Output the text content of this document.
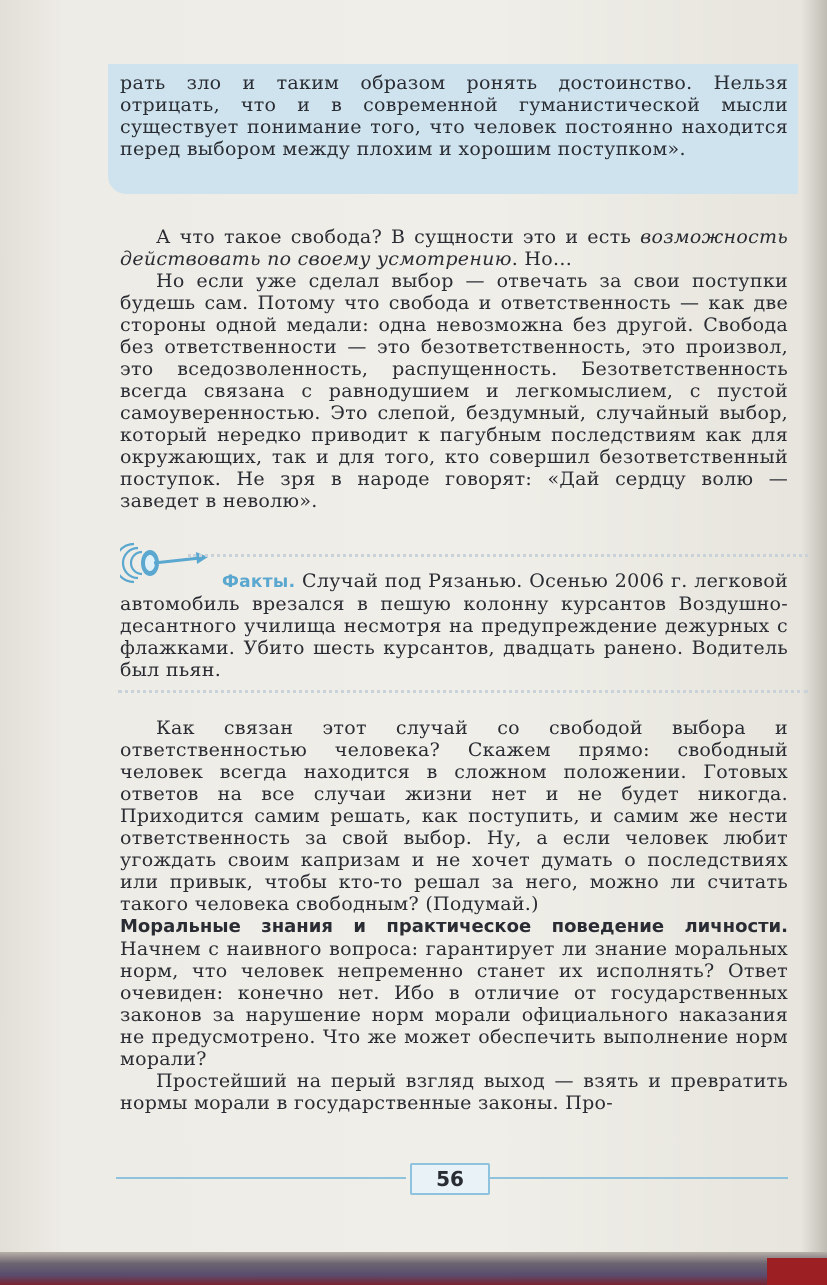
рать зло и таким образом ронять достоинство. Нельзя отрицать, что и в современной гуманистической мысли существует понимание того, что человек постоянно находится перед выбором между плохим и хорошим поступком».

А что такое свобода? В сущности это и есть возможность действовать по своему усмотрению. Но...

Но если уже сделал выбор — отвечать за свои поступки будешь сам. Потому что свобода и ответственность — как две стороны одной медали: одна невозможна без другой. Свобода без ответственности — это безответственность, это произвол, это вседозволенность, распущенность. Безответственность всегда связана с равнодушием и легкомыслием, с пустой самоуверенностью. Это слепой, бездумный, случайный выбор, который нередко приводит к пагубным последствиям как для окружающих, так и для того, кто совершил безответственный поступок. Не зря в народе говорят: «Дай сердцу волю — заведет в неволю».

Факты. Случай под Рязанью. Осенью 2006 г. легковой автомобиль врезался в пешую колонну курсантов Воздушно-десантного училища несмотря на предупреждение дежурных с флажками. Убито шесть курсантов, двадцать ранено. Водитель был пьян.

Как связан этот случай со свободой выбора и ответственностью человека? Скажем прямо: свободный человек всегда находится в сложном положении. Готовых ответов на все случаи жизни нет и не будет никогда. Приходится самим решать, как поступить, и самим же нести ответственность за свой выбор. Ну, а если человек любит угождать своим капризам и не хочет думать о последствиях или привык, чтобы кто-то решал за него, можно ли считать такого человека свободным? (Подумай.)

Моральные знания и практическое поведение личности. Начнем с наивного вопроса: гарантирует ли знание моральных норм, что человек непременно станет их исполнять? Ответ очевиден: конечно нет. Ибо в отличие от государственных законов за нарушение норм морали официального наказания не предусмотрено. Что же может обеспечить выполнение норм морали?

Простейший на перый взгляд выход — взять и превратить нормы морали в государственные законы. Про-

56
